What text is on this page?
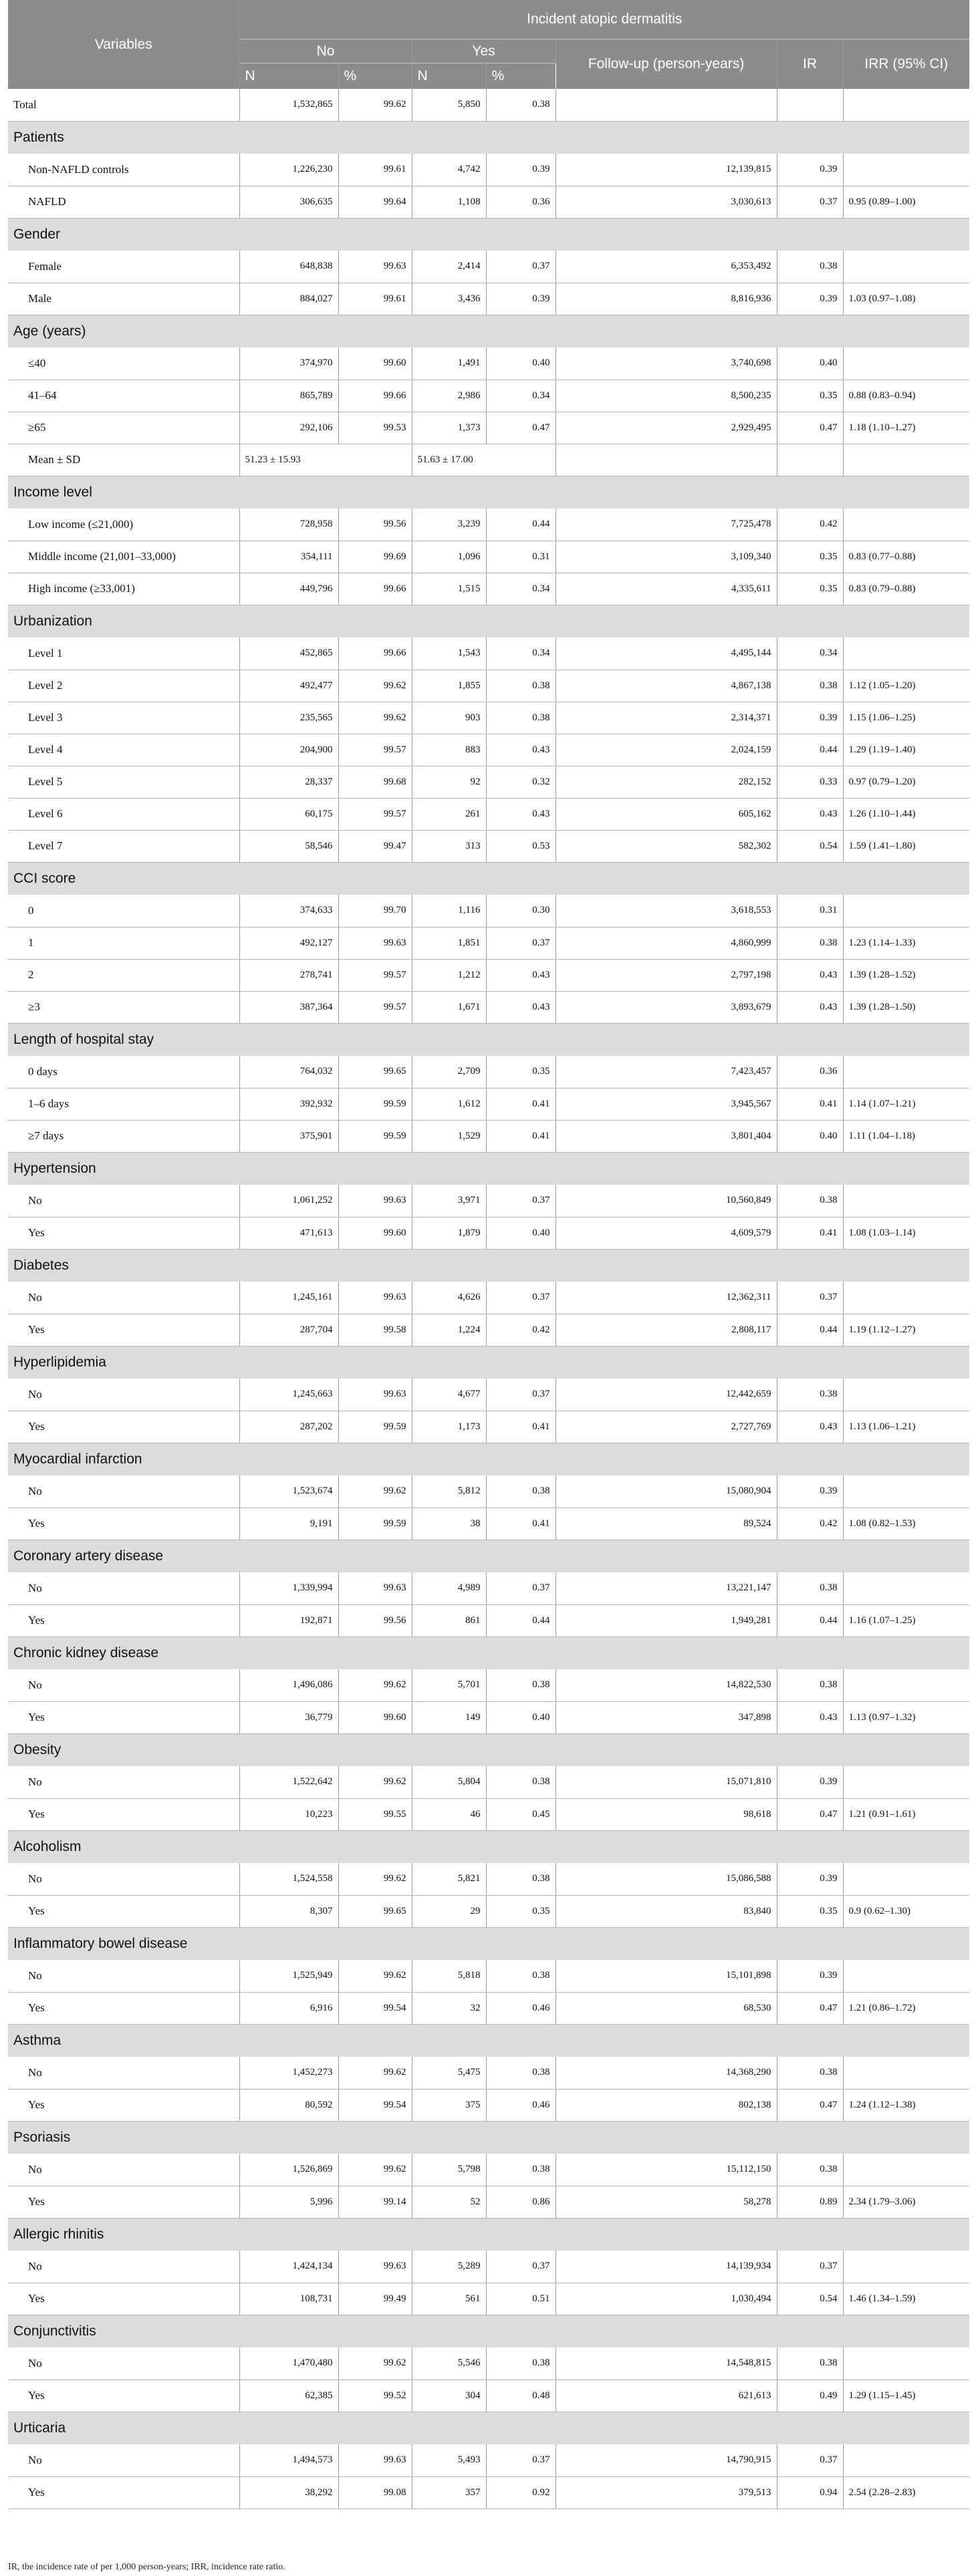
Variables	Incident atopic dermatitis						
	No		Yes		Follow-up (person-years)	IR	IRR (95% CI)
	N	%	N	%			
Total	1,532,865	99.62	5,850	0.38			
Patients							
Non-NAFLD controls	1,226,230	99.61	4,742	0.39	12,139,815	0.39	
NAFLD	306,635	99.64	1,108	0.36	3,030,613	0.37	0.95 (0.89–1.00)
Gender							
Female	648,838	99.63	2,414	0.37	6,353,492	0.38	
Male	884,027	99.61	3,436	0.39	8,816,936	0.39	1.03 (0.97–1.08)
Age (years)							
≤40	374,970	99.60	1,491	0.40	3,740,698	0.40	
41–64	865,789	99.66	2,986	0.34	8,500,235	0.35	0.88 (0.83–0.94)
≥65	292,106	99.53	1,373	0.47	2,929,495	0.47	1.18 (1.10–1.27)
Mean ± SD	51.23 ± 15.93		51.63 ± 17.00				
Income level							
Low income (≤21,000)	728,958	99.56	3,239	0.44	7,725,478	0.42	
Middle income (21,001–33,000)	354,111	99.69	1,096	0.31	3,109,340	0.35	0.83 (0.77–0.88)
High income (≥33,001)	449,796	99.66	1,515	0.34	4,335,611	0.35	0.83 (0.79–0.88)
Urbanization							
Level 1	452,865	99.66	1,543	0.34	4,495,144	0.34	
Level 2	492,477	99.62	1,855	0.38	4,867,138	0.38	1.12 (1.05–1.20)
Level 3	235,565	99.62	903	0.38	2,314,371	0.39	1.15 (1.06–1.25)
Level 4	204,900	99.57	883	0.43	2,024,159	0.44	1.29 (1.19–1.40)
Level 5	28,337	99.68	92	0.32	282,152	0.33	0.97 (0.79–1.20)
Level 6	60,175	99.57	261	0.43	605,162	0.43	1.26 (1.10–1.44)
Level 7	58,546	99.47	313	0.53	582,302	0.54	1.59 (1.41–1.80)
CCI score							
0	374,633	99.70	1,116	0.30	3,618,553	0.31	
1	492,127	99.63	1,851	0.37	4,860,999	0.38	1.23 (1.14–1.33)
2	278,741	99.57	1,212	0.43	2,797,198	0.43	1.39 (1.28–1.52)
≥3	387,364	99.57	1,671	0.43	3,893,679	0.43	1.39 (1.28–1.50)
Length of hospital stay							
0 days	764,032	99.65	2,709	0.35	7,423,457	0.36	
1–6 days	392,932	99.59	1,612	0.41	3,945,567	0.41	1.14 (1.07–1.21)
≥7 days	375,901	99.59	1,529	0.41	3,801,404	0.40	1.11 (1.04–1.18)
Hypertension							
No	1,061,252	99.63	3,971	0.37	10,560,849	0.38	
Yes	471,613	99.60	1,879	0.40	4,609,579	0.41	1.08 (1.03–1.14)
Diabetes							
No	1,245,161	99.63	4,626	0.37	12,362,311	0.37	
Yes	287,704	99.58	1,224	0.42	2,808,117	0.44	1.19 (1.12–1.27)
Hyperlipidemia							
No	1,245,663	99.63	4,677	0.37	12,442,659	0.38	
Yes	287,202	99.59	1,173	0.41	2,727,769	0.43	1.13 (1.06–1.21)
Myocardial infarction							
No	1,523,674	99.62	5,812	0.38	15,080,904	0.39	
Yes	9,191	99.59	38	0.41	89,524	0.42	1.08 (0.82–1.53)
Coronary artery disease							
No	1,339,994	99.63	4,989	0.37	13,221,147	0.38	
Yes	192,871	99.56	861	0.44	1,949,281	0.44	1.16 (1.07–1.25)
Chronic kidney disease							
No	1,496,086	99.62	5,701	0.38	14,822,530	0.38	
Yes	36,779	99.60	149	0.40	347,898	0.43	1.13 (0.97–1.32)
Obesity							
No	1,522,642	99.62	5,804	0.38	15,071,810	0.39	
Yes	10,223	99.55	46	0.45	98,618	0.47	1.21 (0.91–1.61)
Alcoholism							
No	1,524,558	99.62	5,821	0.38	15,086,588	0.39	
Yes	8,307	99.65	29	0.35	83,840	0.35	0.9 (0.62–1.30)
Inflammatory bowel disease							
No	1,525,949	99.62	5,818	0.38	15,101,898	0.39	
Yes	6,916	99.54	32	0.46	68,530	0.47	1.21 (0.86–1.72)
Asthma							
No	1,452,273	99.62	5,475	0.38	14,368,290	0.38	
Yes	80,592	99.54	375	0.46	802,138	0.47	1.24 (1.12–1.38)
Psoriasis							
No	1,526,869	99.62	5,798	0.38	15,112,150	0.38	
Yes	5,996	99.14	52	0.86	58,278	0.89	2.34 (1.79–3.06)
Allergic rhinitis							
No	1,424,134	99.63	5,289	0.37	14,139,934	0.37	
Yes	108,731	99.49	561	0.51	1,030,494	0.54	1.46 (1.34–1.59)
Conjunctivitis							
No	1,470,480	99.62	5,546	0.38	14,548,815	0.38	
Yes	62,385	99.52	304	0.48	621,613	0.49	1.29 (1.15–1.45)
Urticaria							
No	1,494,573	99.63	5,493	0.37	14,790,915	0.37	
Yes	38,292	99.08	357	0.92	379,513	0.94	2.54 (2.28–2.83)
IR, the incidence rate of per 1,000 person-years; IRR, incidence rate ratio.
